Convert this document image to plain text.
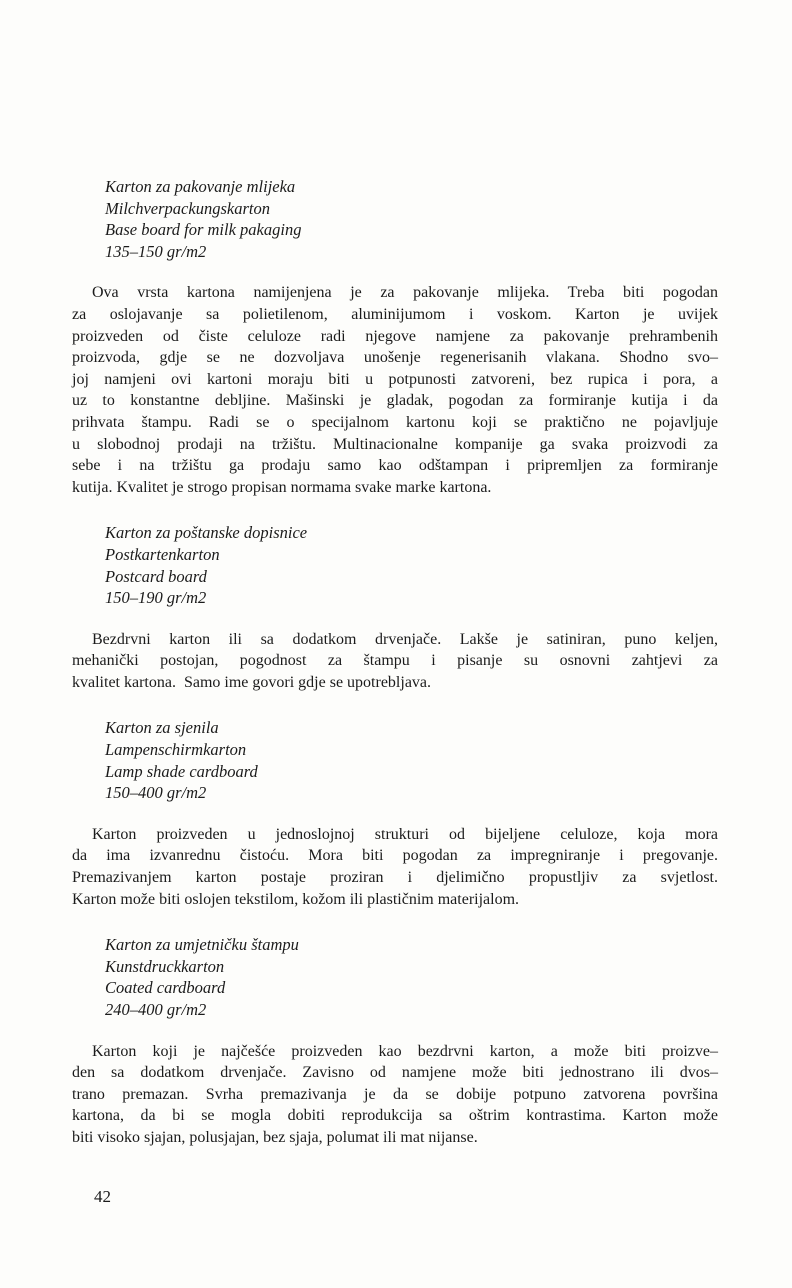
Karton za pakovanje mlijeka
Milchverpackungskarton
Base board for milk pakaging
135–150 gr/m2
Ova vrsta kartona namijenjena je za pakovanje mlijeka. Treba biti pogodan
za oslojavanje sa polietilenom, aluminijumom i voskom. Karton je uvijek
proizveden od čiste celuloze radi njegove namjene za pakovanje prehrambenih
proizvoda, gdje se ne dozvoljava unošenje regenerisanih vlakana. Shodno svo–
joj namjeni ovi kartoni moraju biti u potpunosti zatvoreni, bez rupica i pora, a
uz to konstantne debljine. Mašinski je gladak, pogodan za formiranje kutija i da
prihvata štampu. Radi se o specijalnom kartonu koji se praktično ne pojavljuje
u slobodnoj prodaji na tržištu. Multinacionalne kompanije ga svaka proizvodi za
sebe i na tržištu ga prodaju samo kao odštampan i pripremljen za formiranje
kutija. Kvalitet je strogo propisan normama svake marke kartona.
Karton za poštanske dopisnice
Postkartenkarton
Postcard board
150–190 gr/m2
Bezdrvni karton ili sa dodatkom drvenjače. Lakše je satiniran, puno keljen,
mehanički postojan, pogodnost za štampu i pisanje su osnovni zahtjevi za
kvalitet kartona.  Samo ime govori gdje se upotrebljava.
Karton za sjenila
Lampenschirmkarton
Lamp shade cardboard
150–400 gr/m2
Karton proizveden u jednoslojnoj strukturi od bijeljene celuloze, koja mora
da ima izvanrednu čistoću. Mora biti pogodan za impregniranje i pregovanje.
Premazivanjem karton postaje proziran i djelimično propustljiv za svjetlost.
Karton može biti oslojen tekstilom, kožom ili plastičnim materijalom.
Karton za umjetničku štampu
Kunstdruckkarton
Coated cardboard
240–400 gr/m2
Karton koji je najčešće proizveden kao bezdrvni karton, a može biti proizve–
den sa dodatkom drvenjače. Zavisno od namjene može biti jednostrano ili dvos–
trano premazan. Svrha premazivanja je da se dobije potpuno zatvorena površina
kartona, da bi se mogla dobiti reprodukcija sa oštrim kontrastima. Karton može
biti visoko sjajan, polusjajan, bez sjaja, polumat ili mat nijanse.
42
